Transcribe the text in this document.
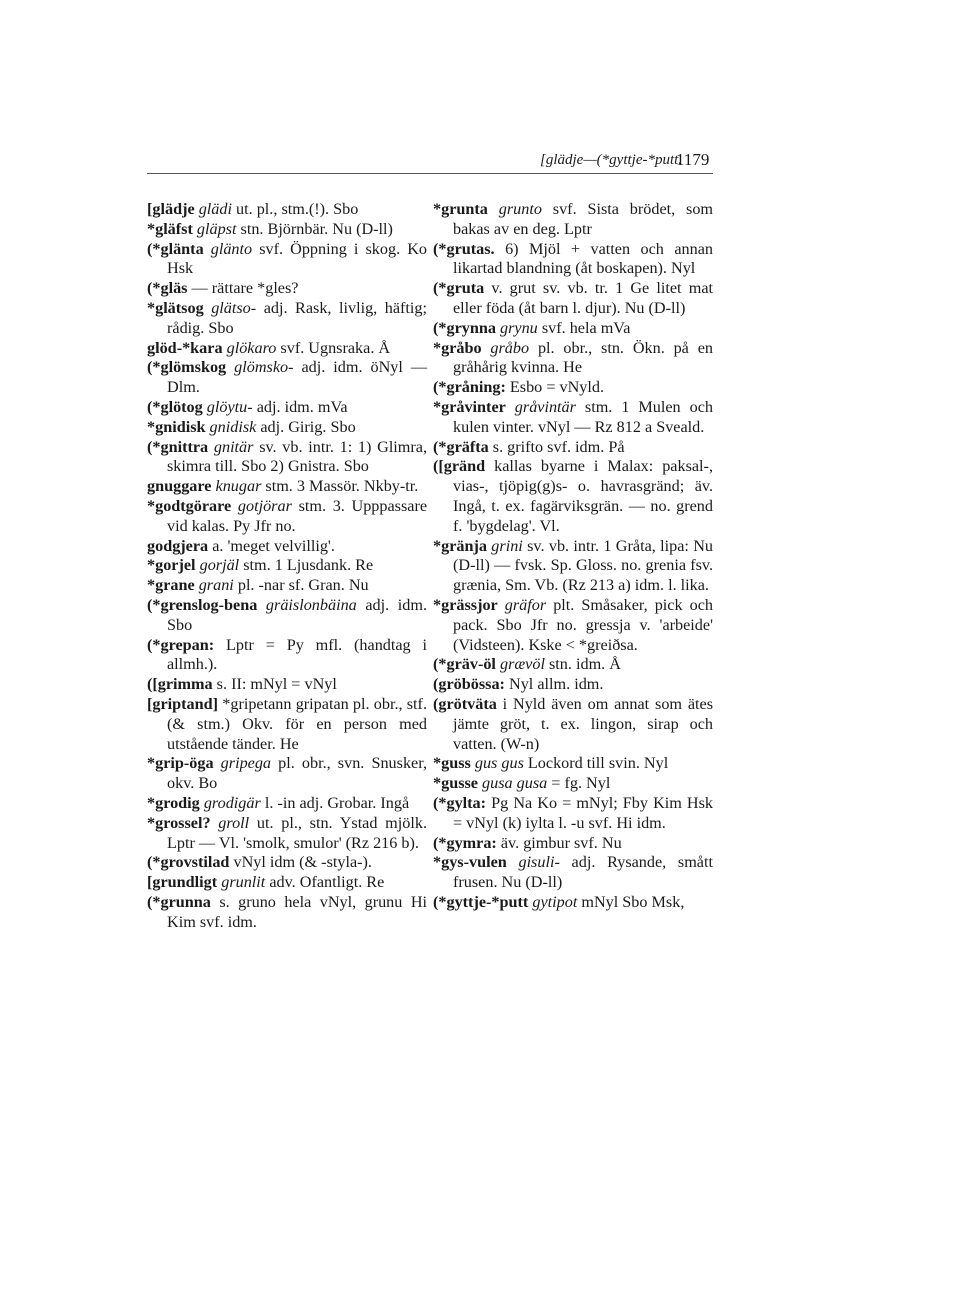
[glädje—(*gyttje-*putt.
1179

[glädje glädi ut. pl., stm.(!). Sbo

*gläfst gläpst stn. Björnbär. Nu (D-ll)

(*glänta glänto svf. Öppning i skog. Ko Hsk

(*gläs — rättare *gles?

*glätsog glätso- adj. Rask, livlig, häftig; rådig. Sbo

glöd-*kara glökaro svf. Ugnsraka. Å

(*glömskog glömsko- adj. idm. öNyl — Dlm.

(*glötog glöytu- adj. idm. mVa

*gnidisk gnidisk adj. Girig. Sbo

(*gnittra gnitär sv. vb. intr. 1: 1) Glimra, skimra till. Sbo 2) Gnistra. Sbo

gnuggare knugar stm. 3 Massör. Nkby-tr.

*godtgörare gotjörar stm. 3. Upppassare vid kalas. Py Jfr no.

godgjera a. 'meget velvillig'.

*gorjel gorjäl stm. 1 Ljusdank. Re

*grane grani pl. -nar sf. Gran. Nu

(*grenslog-bena gräislonbäina adj. idm. Sbo

(*grepan: Lptr = Py mfl. (handtag i allmh.).

([grimma s. II: mNyl = vNyl

[griptand] *gripetann gripatan pl. obr., stf. (& stm.) Okv. för en person med utstående tänder. He

*grip-öga gripega pl. obr., svn. Snusker, okv. Bo

*grodig grodigär l. -in adj. Grobar. Ingå

*grossel? groll ut. pl., stn. Ystad mjölk. Lptr — Vl. 'smolk, smulor' (Rz 216 b).

(*grovstilad vNyl idm (& -styla-).

[grundligt grunlit adv. Ofantligt. Re

(*grunna s. gruno hela vNyl, grunu Hi Kim svf. idm.

*grunta grunto svf. Sista brödet, som bakas av en deg. Lptr

(*grutas. 6) Mjöl + vatten och annan likartad blandning (åt boskapen). Nyl

(*gruta v. grut sv. vb. tr. 1 Ge litet mat eller föda (åt barn l. djur). Nu (D-ll)

(*grynna grynu svf. hela mVa

*gråbo gråbo pl. obr., stn. Ökn. på en gråhårig kvinna. He

(*gråning: Esbo = vNyld.

*gråvinter gråvintär stm. 1 Mulen och kulen vinter. vNyl — Rz 812 a Sveald.

(*gräfta s. grifto svf. idm. På

([gränd kallas byarne i Malax: paksal-, vias-, tjöpig(g)s- o. havrasgränd; äv. Ingå, t. ex. fagärviksgrän. — no. grend f. 'bygdelag'. Vl.

*gränja grini sv. vb. intr. 1 Gråta, lipa: Nu (D-ll) — fvsk. Sp. Gloss. no. grenia fsv. grænia, Sm. Vb. (Rz 213 a) idm. l. lika.

*grässjor gräfor plt. Småsaker, pick och pack. Sbo Jfr no. gressja v. 'arbeide' (Vidsteen). Kske < *greiðsa.

(*gräv-öl grævöl stn. idm. Å

(gröbössa: Nyl allm. idm.

(grötväta i Nyld även om annat som ätes jämte gröt, t. ex. lingon, sirap och vatten. (W-n)

*guss gus gus Lockord till svin. Nyl

*gusse gusa gusa = fg. Nyl

(*gylta: Pg Na Ko = mNyl; Fby Kim Hsk = vNyl (k) iylta l. -u svf. Hi idm.

(*gymra: äv. gimbur svf. Nu

*gys-vulen gisuli- adj. Rysande, smått frusen. Nu (D-ll)

(*gyttje-*putt gytipot mNyl Sbo Msk,
